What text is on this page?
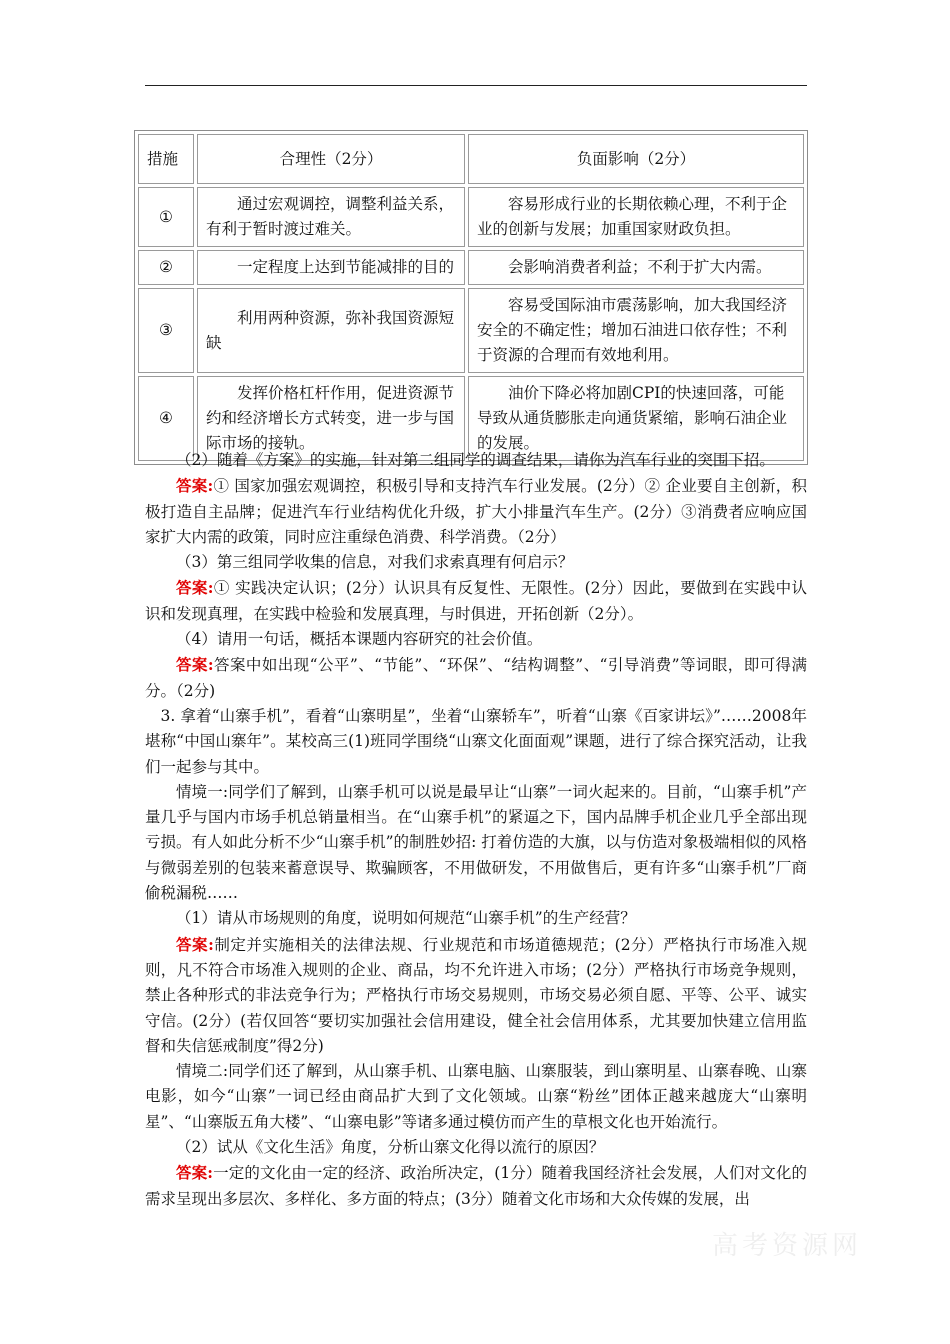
措施	合理性（2分）	负面影响（2分）
①	通过宏观调控，调整利益关系，有利于暂时渡过难关。	容易形成行业的长期依赖心理，不利于企业的创新与发展；加重国家财政负担。
②	一定程度上达到节能减排的目的	会影响消费者利益；不利于扩大内需。
③	利用两种资源，弥补我国资源短缺	容易受国际油市震荡影响，加大我国经济安全的不确定性；增加石油进口依存性；不利于资源的合理而有效地利用。
④	发挥价格杠杆作用，促进资源节约和经济增长方式转变，进一步与国际市场的接轨。	油价下降必将加剧CPI的快速回落，可能导致从通货膨胀走向通货紧缩，影响石油企业的发展。

（2）随着《方案》的实施，针对第二组同学的调查结果，请你为汽车行业的突围下招。

答案:① 国家加强宏观调控，积极引导和支持汽车行业发展。(2分）② 企业要自主创新，积极打造自主品牌；促进汽车行业结构优化升级，扩大小排量汽车生产。(2分）③消费者应响应国家扩大内需的政策，同时应注重绿色消费、科学消费。（2分）

（3）第三组同学收集的信息，对我们求索真理有何启示？

答案:① 实践决定认识；(2分）认识具有反复性、无限性。(2分）因此，要做到在实践中认识和发现真理，在实践中检验和发展真理，与时俱进，开拓创新（2分）。

（4）请用一句话，概括本课题内容研究的社会价值。

答案:答案中如出现“公平”、“节能”、“环保”、“结构调整”、“引导消费”等词眼，即可得满分。（2分)

3. 拿着“山寨手机”，看着“山寨明星”，坐着“山寨轿车”，听着“山寨《百家讲坛》”……2008年堪称“中国山寨年”。某校高三(1)班同学围绕“山寨文化面面观”课题，进行了综合探究活动，让我们一起参与其中。

情境一:同学们了解到，山寨手机可以说是最早让“山寨”一词火起来的。目前，“山寨手机”产量几乎与国内市场手机总销量相当。在“山寨手机”的紧逼之下，国内品牌手机企业几乎全部出现亏损。有人如此分析不少“山寨手机”的制胜妙招: 打着仿造的大旗，以与仿造对象极端相似的风格与微弱差别的包装来蓄意误导、欺骗顾客，不用做研发，不用做售后，更有许多“山寨手机”厂商偷税漏税……

（1）请从市场规则的角度，说明如何规范“山寨手机”的生产经营？

答案:制定并实施相关的法律法规、行业规范和市场道德规范；(2分）严格执行市场准入规则，凡不符合市场准入规则的企业、商品，均不允许进入市场；(2分）严格执行市场竞争规则，禁止各种形式的非法竞争行为；严格执行市场交易规则，市场交易必须自愿、平等、公平、诚实守信。(2分）(若仅回答“要切实加强社会信用建设，健全社会信用体系，尤其要加快建立信用监督和失信惩戒制度”得2分)

情境二:同学们还了解到，从山寨手机、山寨电脑、山寨服装，到山寨明星、山寨春晚、山寨电影，如今“山寨”一词已经由商品扩大到了文化领域。山寨“粉丝”团体正越来越庞大“山寨明星”、“山寨版五角大楼”、“山寨电影”等诸多通过模仿而产生的草根文化也开始流行。

（2）试从《文化生活》角度，分析山寨文化得以流行的原因？

答案:一定的文化由一定的经济、政治所决定，(1分）随着我国经济社会发展，人们对文化的需求呈现出多层次、多样化、多方面的特点；(3分）随着文化市场和大众传媒的发展，出

高考资源网
